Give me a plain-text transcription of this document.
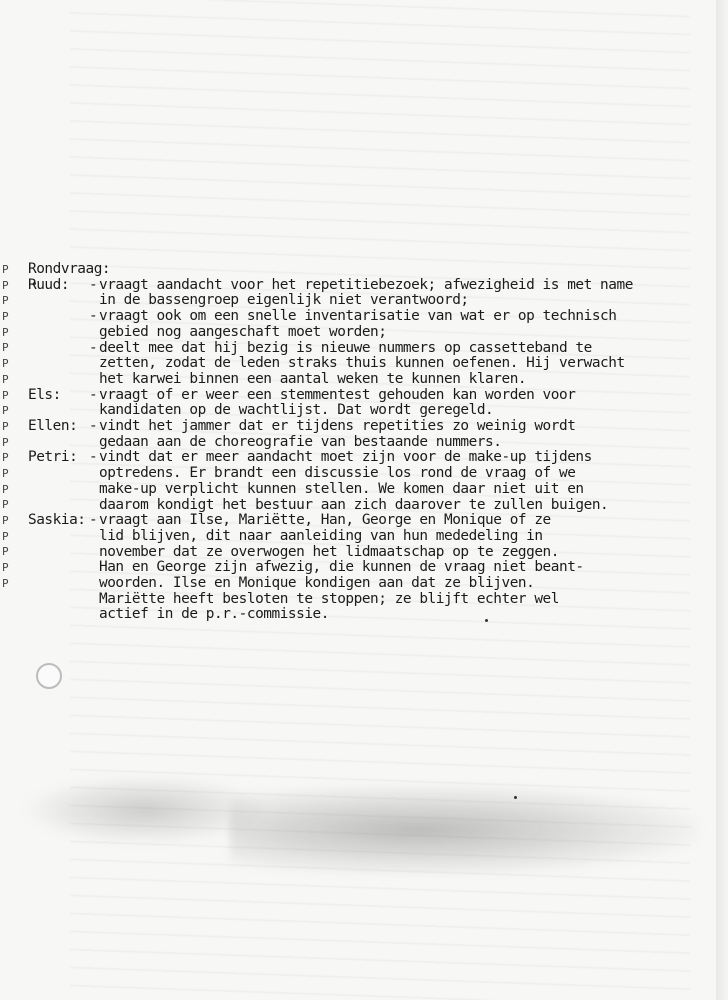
P
P
P
P
P
P
P
P
P
P
P
P
P
P
P
P
P
P
P
P
P
Rondvraag:
Ruud:	- vraagt aandacht voor het repetitiebezoek; afwezigheid is met name
in de bassengroep eigenlijk niet verantwoord;
- vraagt ook om een snelle inventarisatie van wat er op technisch
gebied nog aangeschaft moet worden;
- deelt mee dat hij bezig is nieuwe nummers op cassetteband te
zetten, zodat de leden straks thuis kunnen oefenen. Hij verwacht
het karwei binnen een aantal weken te kunnen klaren.
Els:	- vraagt of er weer een stemmentest gehouden kan worden voor
kandidaten op de wachtlijst. Dat wordt geregeld.
Ellen: - vindt het jammer dat er tijdens repetities zo weinig wordt
gedaan aan de choreografie van bestaande nummers.
Petri: - vindt dat er meer aandacht moet zijn voor de make-up tijdens
optredens. Er brandt een discussie los rond de vraag of we
make-up verplicht kunnen stellen. We komen daar niet uit en
daarom kondigt het bestuur aan zich daarover te zullen buigen.
Saskia: - vraagt aan Ilse, Mariëtte, Han, George en Monique of ze
lid blijven, dit naar aanleiding van hun mededeling in
november dat ze overwogen het lidmaatschap op te zeggen.
Han en George zijn afwezig, die kunnen de vraag niet beant-
woorden. Ilse en Monique kondigen aan dat ze blijven.
Mariëtte heeft besloten te stoppen; ze blijft echter wel
actief in de p.r.-commissie.
